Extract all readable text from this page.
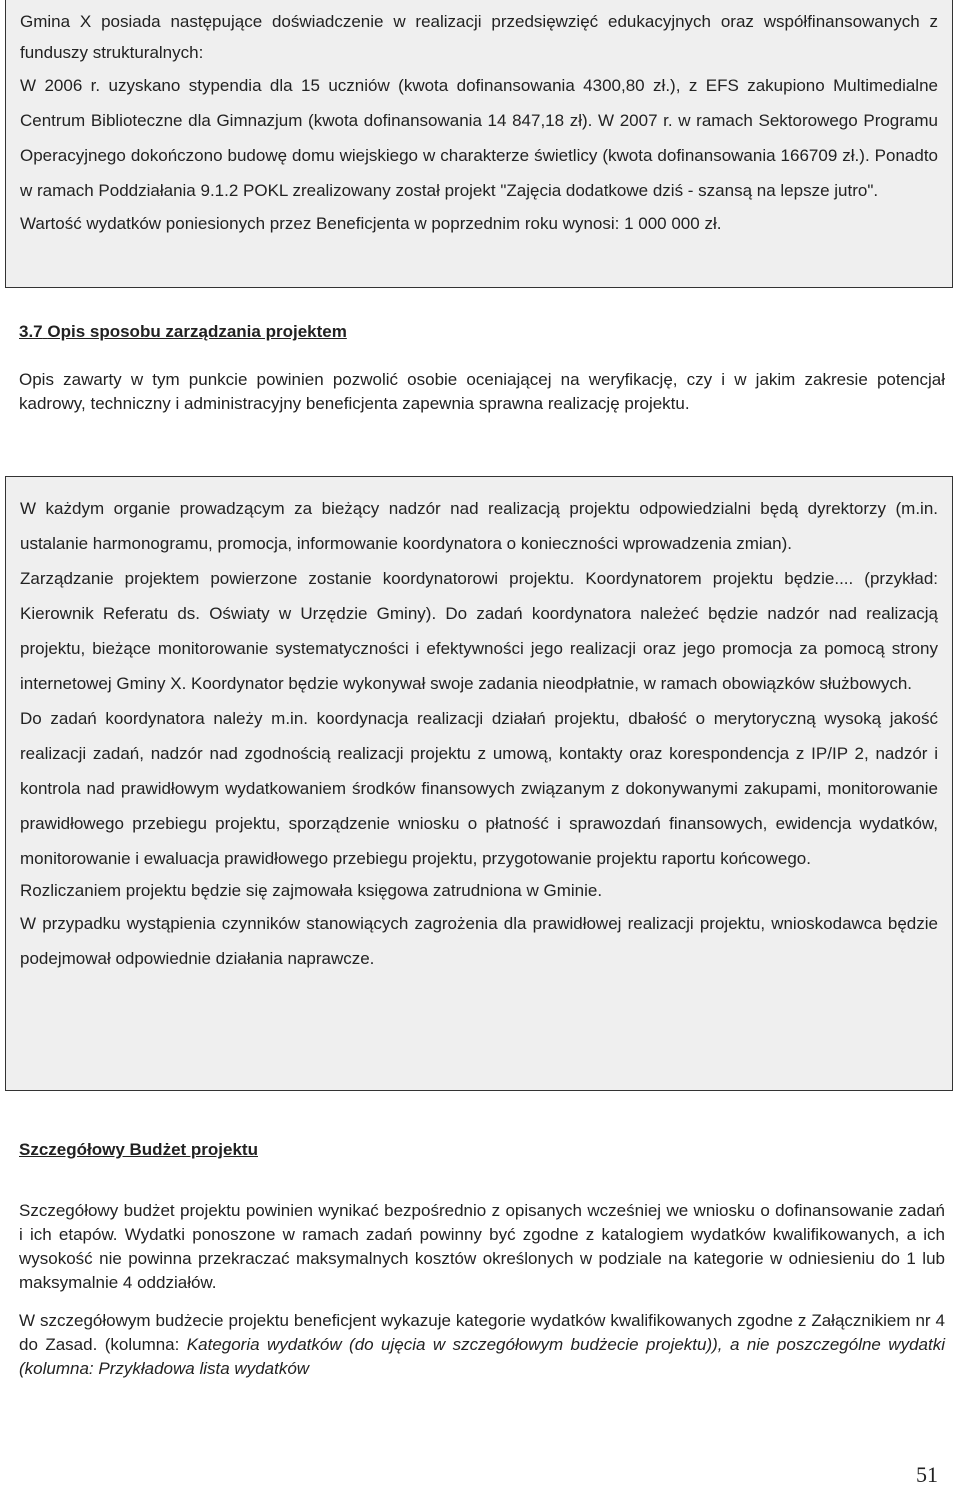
Gmina X posiada następujące doświadczenie w realizacji przedsięwzięć edukacyjnych oraz współfinansowanych z funduszy strukturalnych:

W 2006 r. uzyskano stypendia dla 15 uczniów (kwota dofinansowania 4300,80 zł.), z EFS zakupiono Multimedialne Centrum Biblioteczne dla Gimnazjum (kwota dofinansowania 14 847,18 zł). W 2007 r. w ramach Sektorowego Programu Operacyjnego dokończono budowę domu wiejskiego w charakterze świetlicy (kwota dofinansowania 166709 zł.). Ponadto w ramach Poddziałania 9.1.2 POKL zrealizowany został projekt "Zajęcia dodatkowe dziś - szansą na lepsze jutro".

Wartość wydatków poniesionych przez Beneficjenta w poprzednim roku wynosi: 1 000 000 zł.

3.7 Opis sposobu zarządzania projektem

Opis zawarty w tym punkcie powinien pozwolić osobie oceniającej na weryfikację, czy i w jakim zakresie potencjał kadrowy, techniczny i administracyjny beneficjenta zapewnia sprawna realizację projektu.

W każdym organie prowadzącym za bieżący nadzór nad realizacją projektu odpowiedzialni będą dyrektorzy (m.in. ustalanie harmonogramu, promocja, informowanie koordynatora o konieczności wprowadzenia zmian).

Zarządzanie projektem powierzone zostanie koordynatorowi projektu. Koordynatorem projektu będzie.... (przykład: Kierownik Referatu ds. Oświaty w Urzędzie Gminy). Do zadań koordynatora należeć będzie nadzór nad realizacją projektu, bieżące monitorowanie systematyczności i efektywności jego realizacji oraz jego promocja za pomocą strony internetowej Gminy X. Koordynator będzie wykonywał swoje zadania nieodpłatnie, w ramach obowiązków służbowych.

Do zadań koordynatora należy m.in. koordynacja realizacji działań projektu, dbałość o merytoryczną wysoką jakość realizacji zadań, nadzór nad zgodnością realizacji projektu z umową, kontakty oraz korespondencja z IP/IP 2, nadzór i kontrola nad prawidłowym wydatkowaniem środków finansowych związanym z dokonywanymi zakupami, monitorowanie prawidłowego przebiegu projektu, sporządzenie wniosku o płatność i sprawozdań finansowych, ewidencja wydatków, monitorowanie i ewaluacja prawidłowego przebiegu projektu, przygotowanie projektu raportu końcowego.

Rozliczaniem projektu będzie się zajmowała księgowa zatrudniona w Gminie.

W przypadku wystąpienia czynników stanowiących zagrożenia dla prawidłowej realizacji projektu, wnioskodawca będzie podejmował odpowiednie działania naprawcze.

Szczegółowy Budżet projektu

Szczegółowy budżet projektu powinien wynikać bezpośrednio z opisanych wcześniej we wniosku o dofinansowanie zadań i ich etapów. Wydatki ponoszone w ramach zadań powinny być zgodne z katalogiem wydatków kwalifikowanych, a ich wysokość nie powinna przekraczać maksymalnych kosztów określonych w podziale na kategorie w odniesieniu do 1 lub maksymalnie 4 oddziałów.

W szczegółowym budżecie projektu beneficjent wykazuje kategorie wydatków kwalifikowanych zgodne z Załącznikiem nr 4 do Zasad. (kolumna: Kategoria wydatków (do ujęcia w szczegółowym budżecie projektu)), a nie poszczególne wydatki (kolumna: Przykładowa lista wydatków

51
